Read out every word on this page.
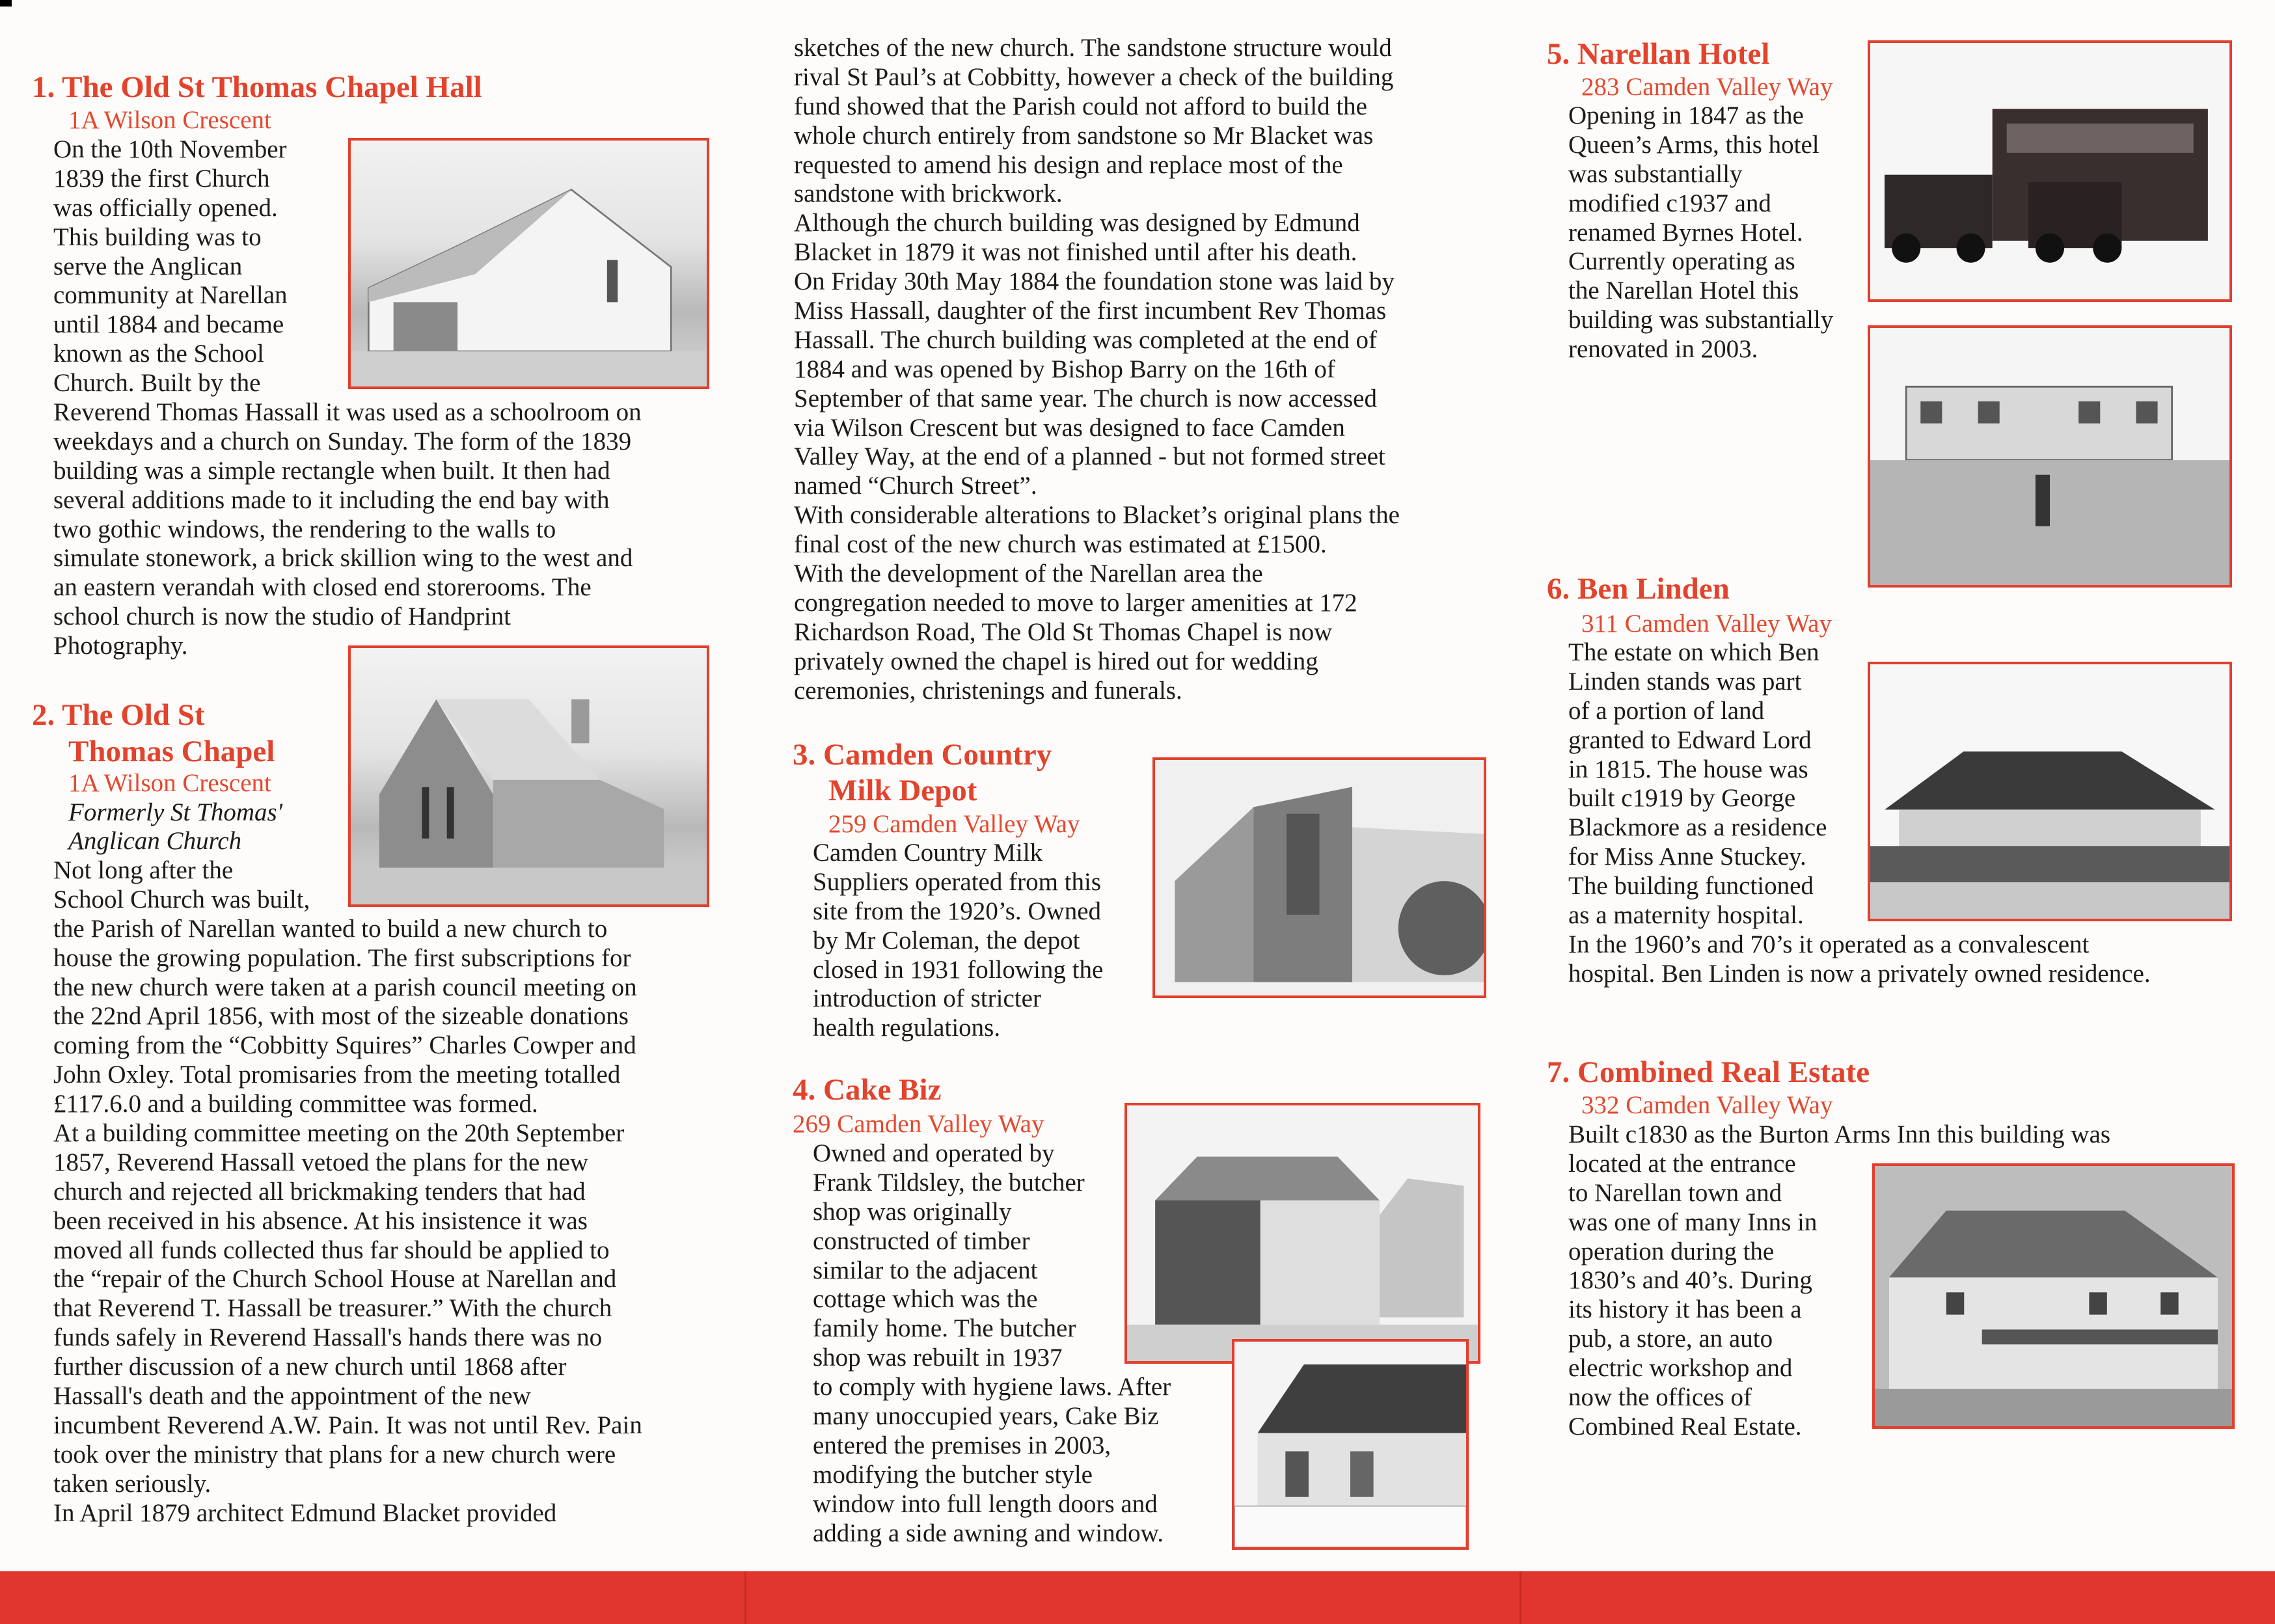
1. The Old St Thomas Chapel Hall
1A Wilson Crescent
On the 10th November
1839 the first Church
was officially opened.
This building was to
serve the Anglican
community at Narellan
until 1884 and became
known as the School
Church. Built by the
Reverend Thomas Hassall it was used as a schoolroom on
weekdays and a church on Sunday. The form of the 1839
building was a simple rectangle when built. It then had
several additions made to it including the end bay with
two gothic windows, the rendering to the walls to
simulate stonework, a brick skillion wing to the west and
an eastern verandah with closed end storerooms. The
school church is now the studio of Handprint
Photography.
2. The Old St
Thomas Chapel
1A Wilson Crescent
Formerly St Thomas'
Anglican Church
Not long after the
School Church was built,
the Parish of Narellan wanted to build a new church to
house the growing population. The first subscriptions for
the new church were taken at a parish council meeting on
the 22nd April 1856, with most of the sizeable donations
coming from the “Cobbitty Squires” Charles Cowper and
John Oxley. Total promisaries from the meeting totalled
£117.6.0 and a building committee was formed.
At a building committee meeting on the 20th September
1857, Reverend Hassall vetoed the plans for the new
church and rejected all brickmaking tenders that had
been received in his absence. At his insistence it was
moved all funds collected thus far should be applied to
the “repair of the Church School House at Narellan and
that Reverend T. Hassall be treasurer.” With the church
funds safely in Reverend Hassall's hands there was no
further discussion of a new church until 1868 after
Hassall's death and the appointment of the new
incumbent Reverend A.W. Pain. It was not until Rev. Pain
took over the ministry that plans for a new church were
taken seriously.
In April 1879 architect Edmund Blacket provided
sketches of the new church. The sandstone structure would
rival St Paul’s at Cobbitty, however a check of the building
fund showed that the Parish could not afford to build the
whole church entirely from sandstone so Mr Blacket was
requested to amend his design and replace most of the
sandstone with brickwork.
Although the church building was designed by Edmund
Blacket in 1879 it was not finished until after his death.
On Friday 30th May 1884 the foundation stone was laid by
Miss Hassall, daughter of the first incumbent Rev Thomas
Hassall. The church building was completed at the end of
1884 and was opened by Bishop Barry on the 16th of
September of that same year. The church is now accessed
via Wilson Crescent but was designed to face Camden
Valley Way, at the end of a planned - but not formed street
named “Church Street”.
With considerable alterations to Blacket’s original plans the
final cost of the new church was estimated at £1500.
With the development of the Narellan area the
congregation needed to move to larger amenities at 172
Richardson Road, The Old St Thomas Chapel is now
privately owned the chapel is hired out for wedding
ceremonies, christenings and funerals.
3. Camden Country
Milk Depot
259 Camden Valley Way
Camden Country Milk
Suppliers operated from this
site from the 1920’s. Owned
by Mr Coleman, the depot
closed in 1931 following the
introduction of stricter
health regulations.
4. Cake Biz
269 Camden Valley Way
Owned and operated by
Frank Tildsley, the butcher
shop was originally
constructed of timber
similar to the adjacent
cottage which was the
family home. The butcher
shop was rebuilt in 1937
to comply with hygiene laws. After
many unoccupied years, Cake Biz
entered the premises in 2003,
modifying the butcher style
window into full length doors and
adding a side awning and window.
5. Narellan Hotel
283 Camden Valley Way
Opening in 1847 as the
Queen’s Arms, this hotel
was substantially
modified c1937 and
renamed Byrnes Hotel.
Currently operating as
the Narellan Hotel this
building was substantially
renovated in 2003.
6. Ben Linden
311 Camden Valley Way
The estate on which Ben
Linden stands was part
of a portion of land
granted to Edward Lord
in 1815. The house was
built c1919 by George
Blackmore as a residence
for Miss Anne Stuckey.
The building functioned
as a maternity hospital.
In the 1960’s and 70’s it operated as a convalescent
hospital. Ben Linden is now a privately owned residence.
7. Combined Real Estate
332 Camden Valley Way
Built c1830 as the Burton Arms Inn this building was
located at the entrance
to Narellan town and
was one of many Inns in
operation during the
1830’s and 40’s. During
its history it has been a
pub, a store, an auto
electric workshop and
now the offices of
Combined Real Estate.
